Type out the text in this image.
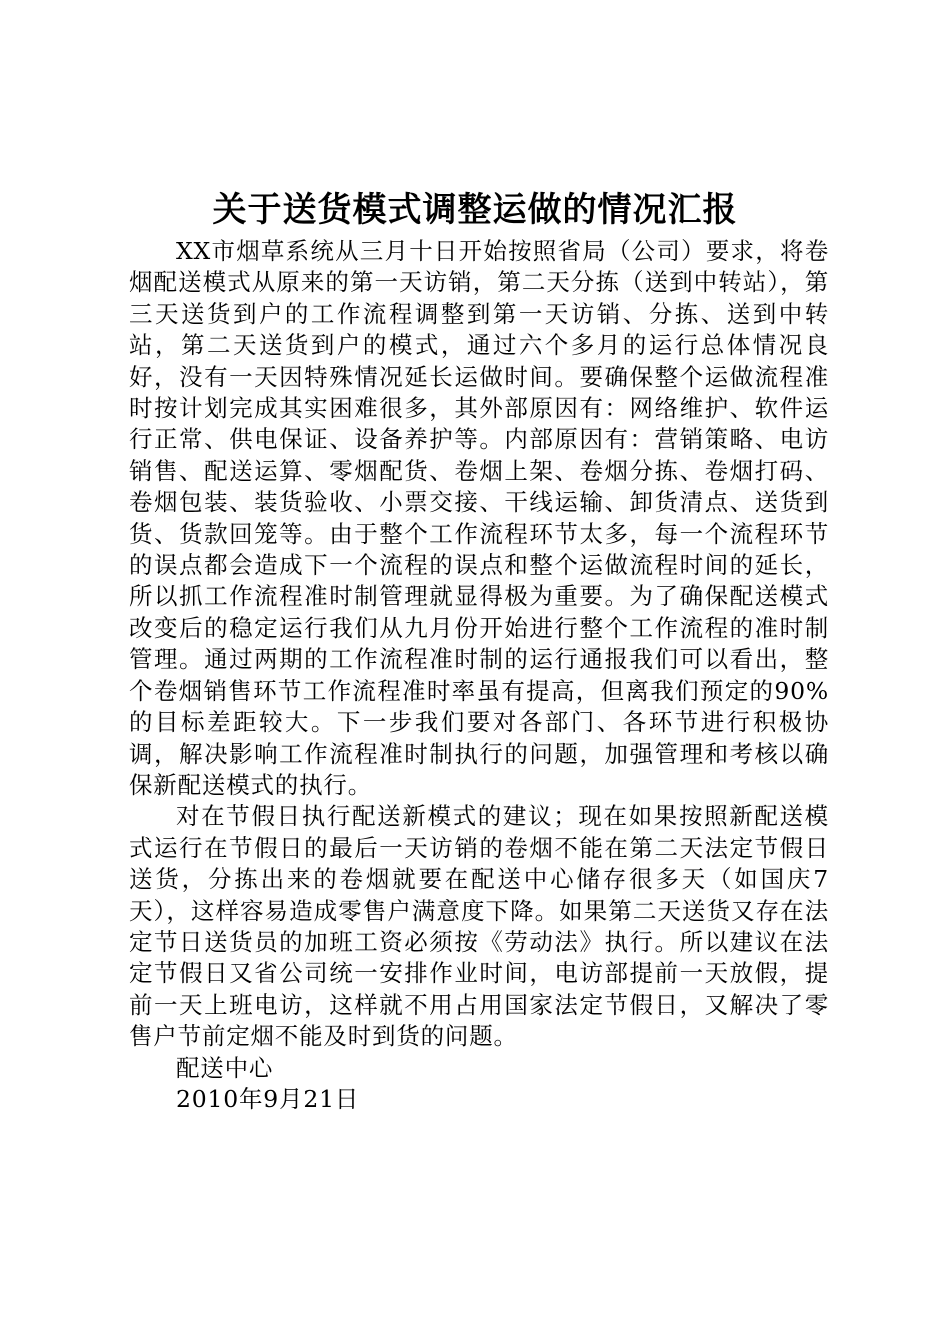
关于送货模式调整运做的情况汇报

XX市烟草系统从三月十日开始按照省局（公司）要求，将卷烟配送模式从原来的第一天访销，第二天分拣（送到中转站），第三天送货到户的工作流程调整到第一天访销、分拣、送到中转站，第二天送货到户的模式，通过六个多月的运行总体情况良好，没有一天因特殊情况延长运做时间。要确保整个运做流程准时按计划完成其实困难很多，其外部原因有：网络维护、软件运行正常、供电保证、设备养护等。内部原因有：营销策略、电访销售、配送运算、零烟配货、卷烟上架、卷烟分拣、卷烟打码、卷烟包装、装货验收、小票交接、干线运输、卸货清点、送货到货、货款回笼等。由于整个工作流程环节太多，每一个流程环节的误点都会造成下一个流程的误点和整个运做流程时间的延长，所以抓工作流程准时制管理就显得极为重要。为了确保配送模式改变后的稳定运行我们从九月份开始进行整个工作流程的准时制管理。通过两期的工作流程准时制的运行通报我们可以看出，整个卷烟销售环节工作流程准时率虽有提高，但离我们预定的90%的目标差距较大。下一步我们要对各部门、各环节进行积极协调，解决影响工作流程准时制执行的问题，加强管理和考核以确保新配送模式的执行。

对在节假日执行配送新模式的建议；现在如果按照新配送模式运行在节假日的最后一天访销的卷烟不能在第二天法定节假日送货，分拣出来的卷烟就要在配送中心储存很多天（如国庆7天），这样容易造成零售户满意度下降。如果第二天送货又存在法定节日送货员的加班工资必须按《劳动法》执行。所以建议在法定节假日又省公司统一安排作业时间，电访部提前一天放假，提前一天上班电访，这样就不用占用国家法定节假日，又解决了零售户节前定烟不能及时到货的问题。

配送中心

2010年9月21日
